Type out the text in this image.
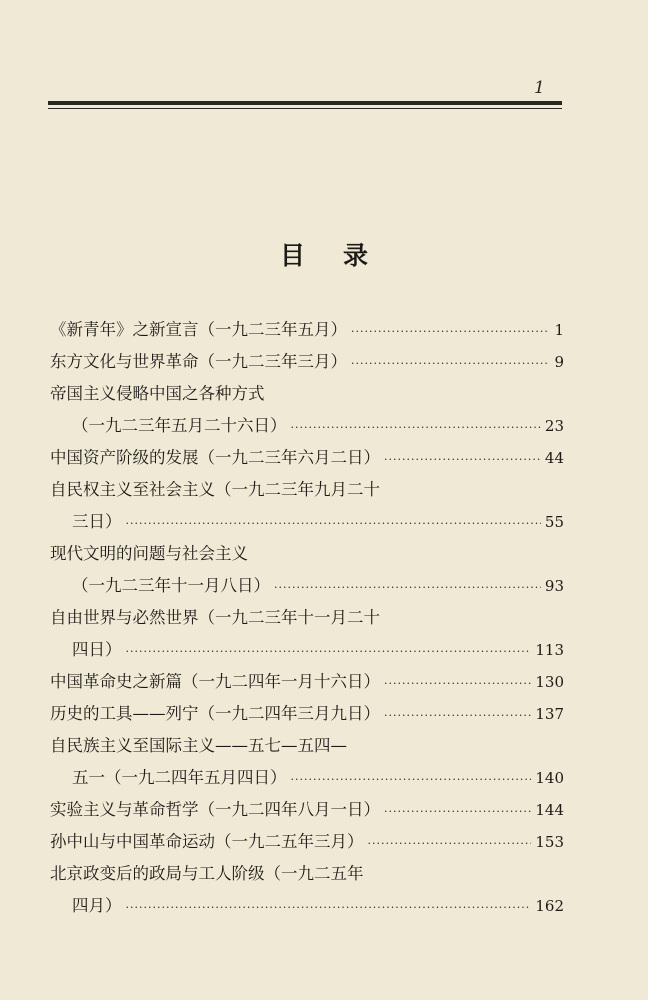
1
目录
《新青年》之新宣言（一九二三年五月） ·····	1
东方文化与世界革命（一九二三年三月） ·····	9
帝国主义侵略中国之各种方式
（一九二三年五月二十六日） ·····	23
中国资产阶级的发展（一九二三年六月二日） ·····	44
自民权主义至社会主义（一九二三年九月二十
三日） ·····	55
现代文明的问题与社会主义
（一九二三年十一月八日） ·····	93
自由世界与必然世界（一九二三年十一月二十
四日） ·····	113
中国革命史之新篇（一九二四年一月十六日） ·····	130
历史的工具——列宁（一九二四年三月九日） ·····	137
自民族主义至国际主义——五七—五四—
五一（一九二四年五月四日） ·····	140
实验主义与革命哲学（一九二四年八月一日） ·····	144
孙中山与中国革命运动（一九二五年三月） ·····	153
北京政变后的政局与工人阶级（一九二五年
四月） ·····	162
